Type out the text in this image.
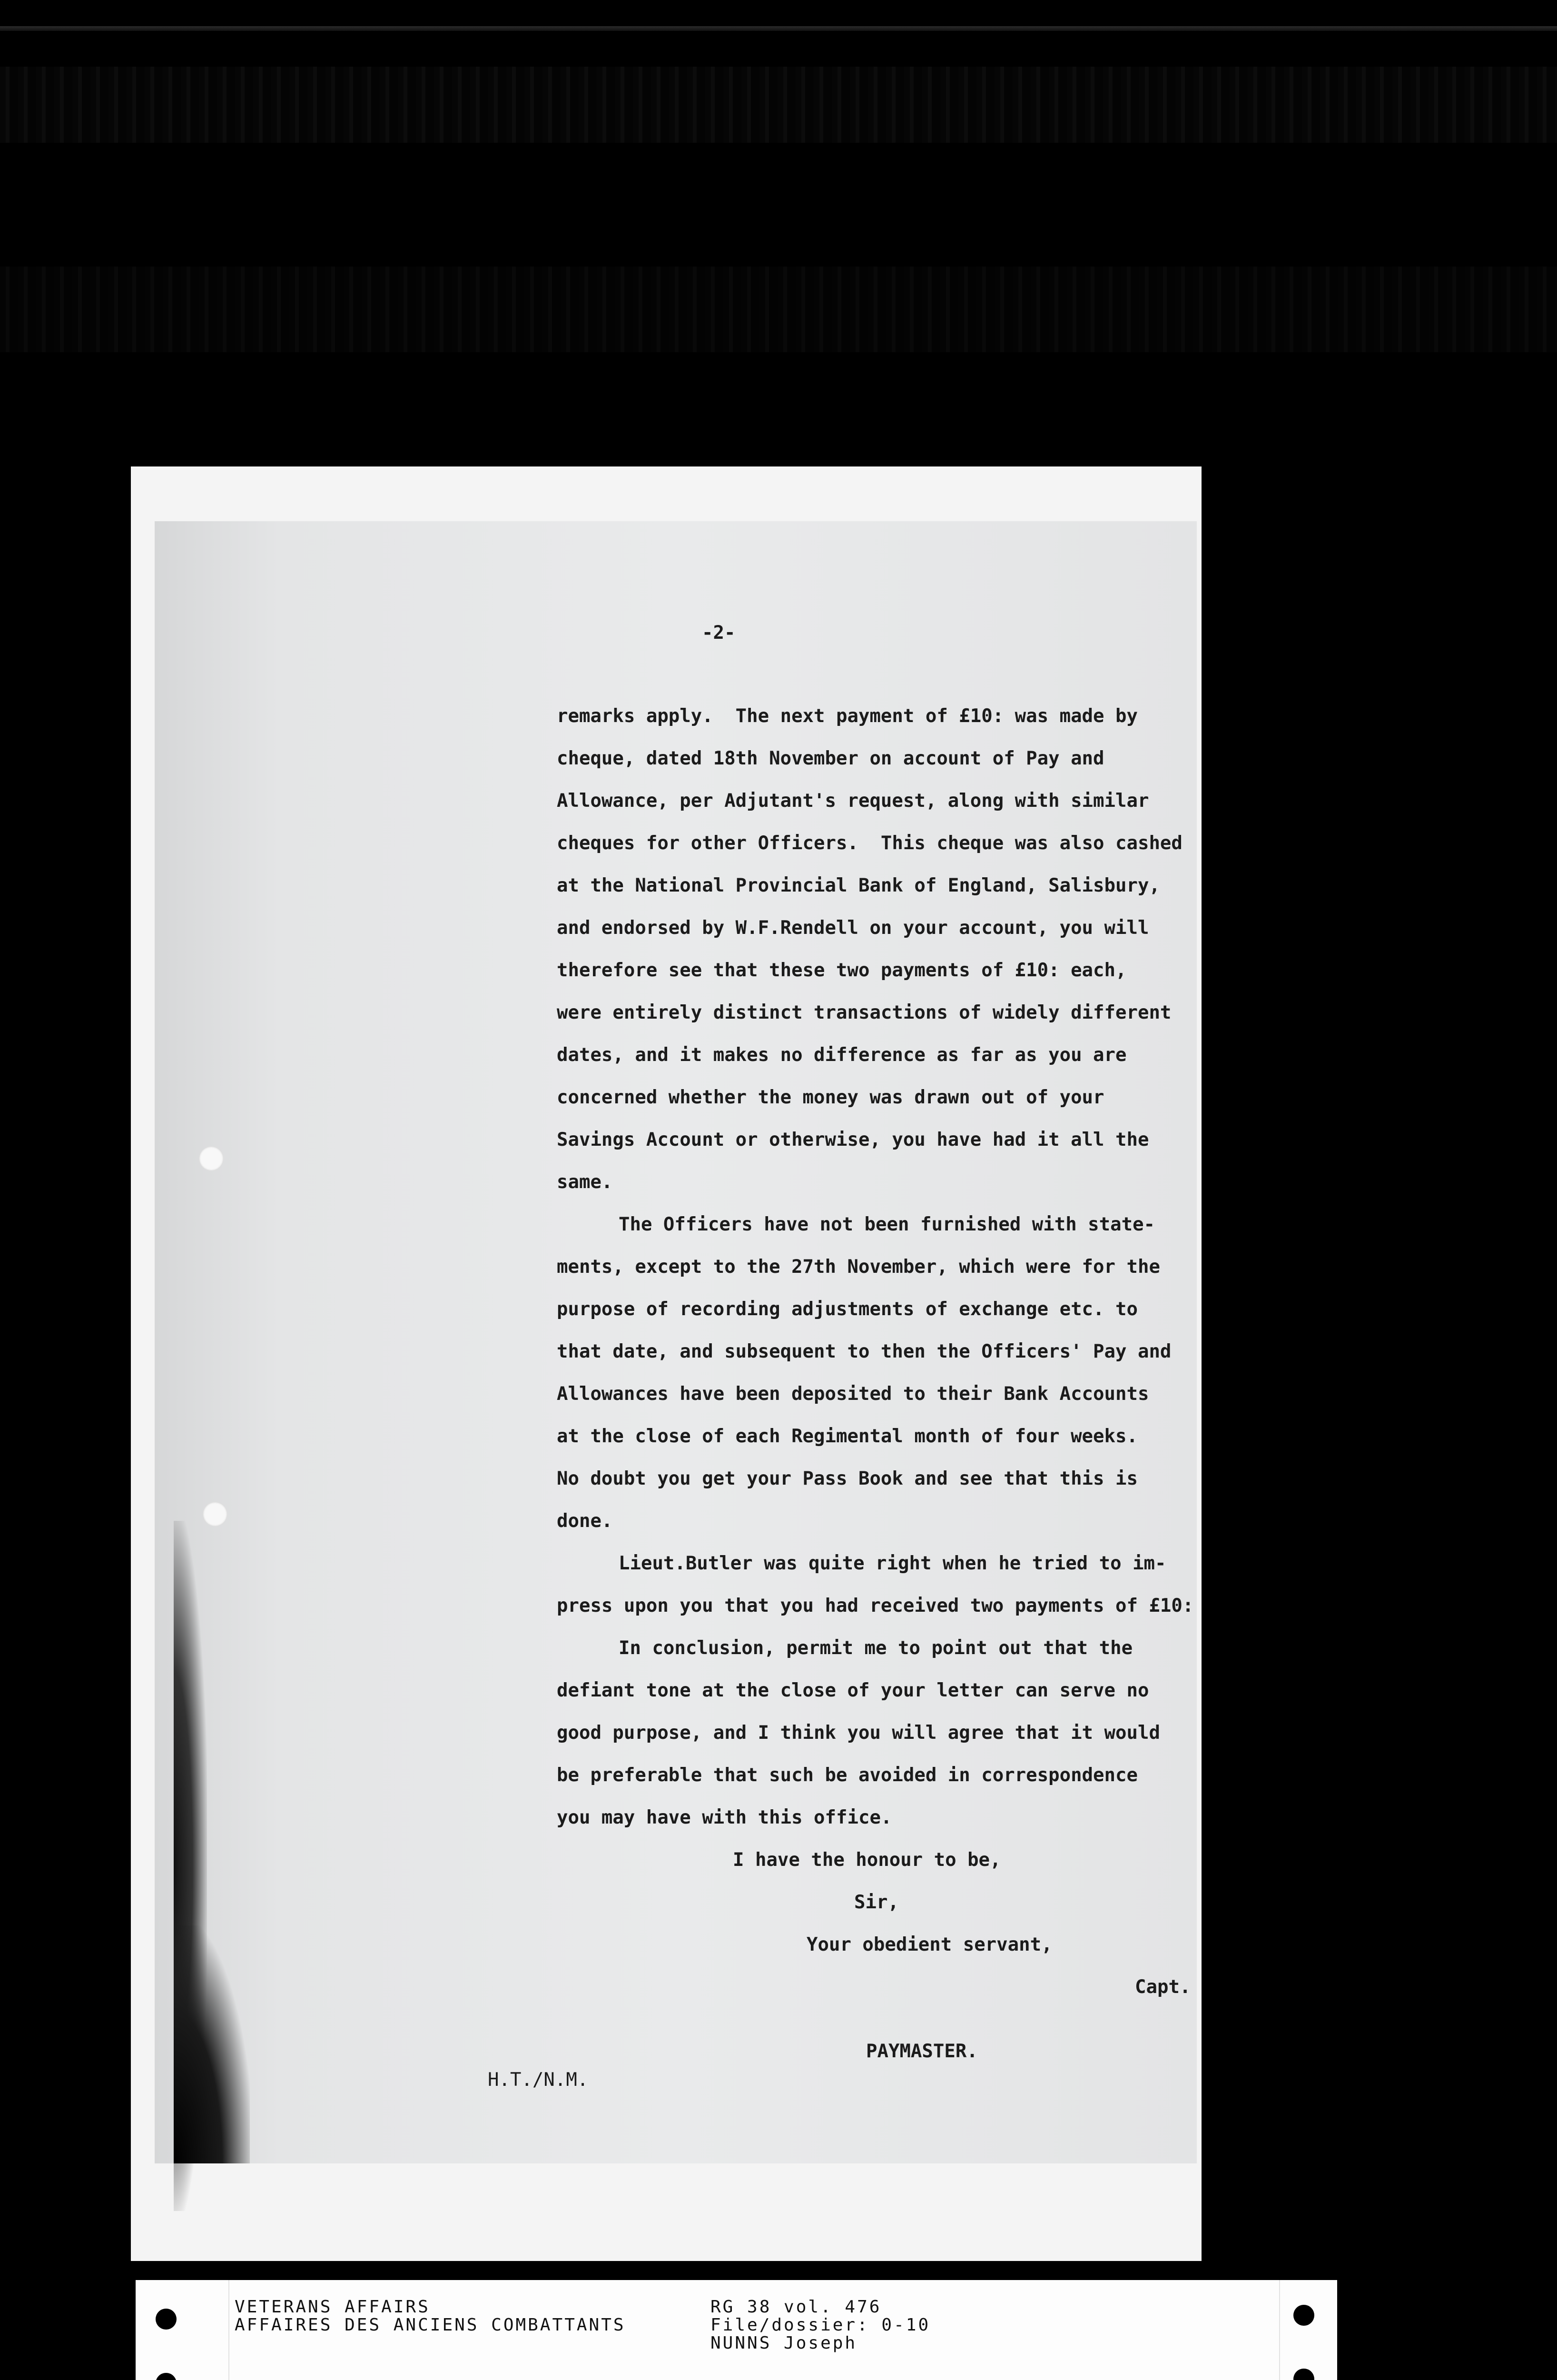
-2-
remarks apply.  The next payment of £10: was made by
cheque, dated 18th November on account of Pay and
Allowance, per Adjutant's request, along with similar
cheques for other Officers.  This cheque was also cashed
at the National Provincial Bank of England, Salisbury,
and endorsed by W.F.Rendell on your account, you will
therefore see that these two payments of £10: each,
were entirely distinct transactions of widely different
dates, and it makes no difference as far as you are
concerned whether the money was drawn out of your
Savings Account or otherwise, you have had it all the
same.
The Officers have not been furnished with state-
ments, except to the 27th November, which were for the
purpose of recording adjustments of exchange etc. to
that date, and subsequent to then the Officers' Pay and
Allowances have been deposited to their Bank Accounts
at the close of each Regimental month of four weeks.
No doubt you get your Pass Book and see that this is
done.
Lieut.Butler was quite right when he tried to im-
press upon you that you had received two payments of £10:
In conclusion, permit me to point out that the
defiant tone at the close of your letter can serve no
good purpose, and I think you will agree that it would
be preferable that such be avoided in correspondence
you may have with this office.
I have the honour to be,
Sir,
Your obedient servant,
Capt.
PAYMASTER.
H.T./N.M.
VETERANS AFFAIRS
AFFAIRES DES ANCIENS COMBATTANTS
RG 38 vol. 476
File/dossier: 0-10
NUNNS Joseph
